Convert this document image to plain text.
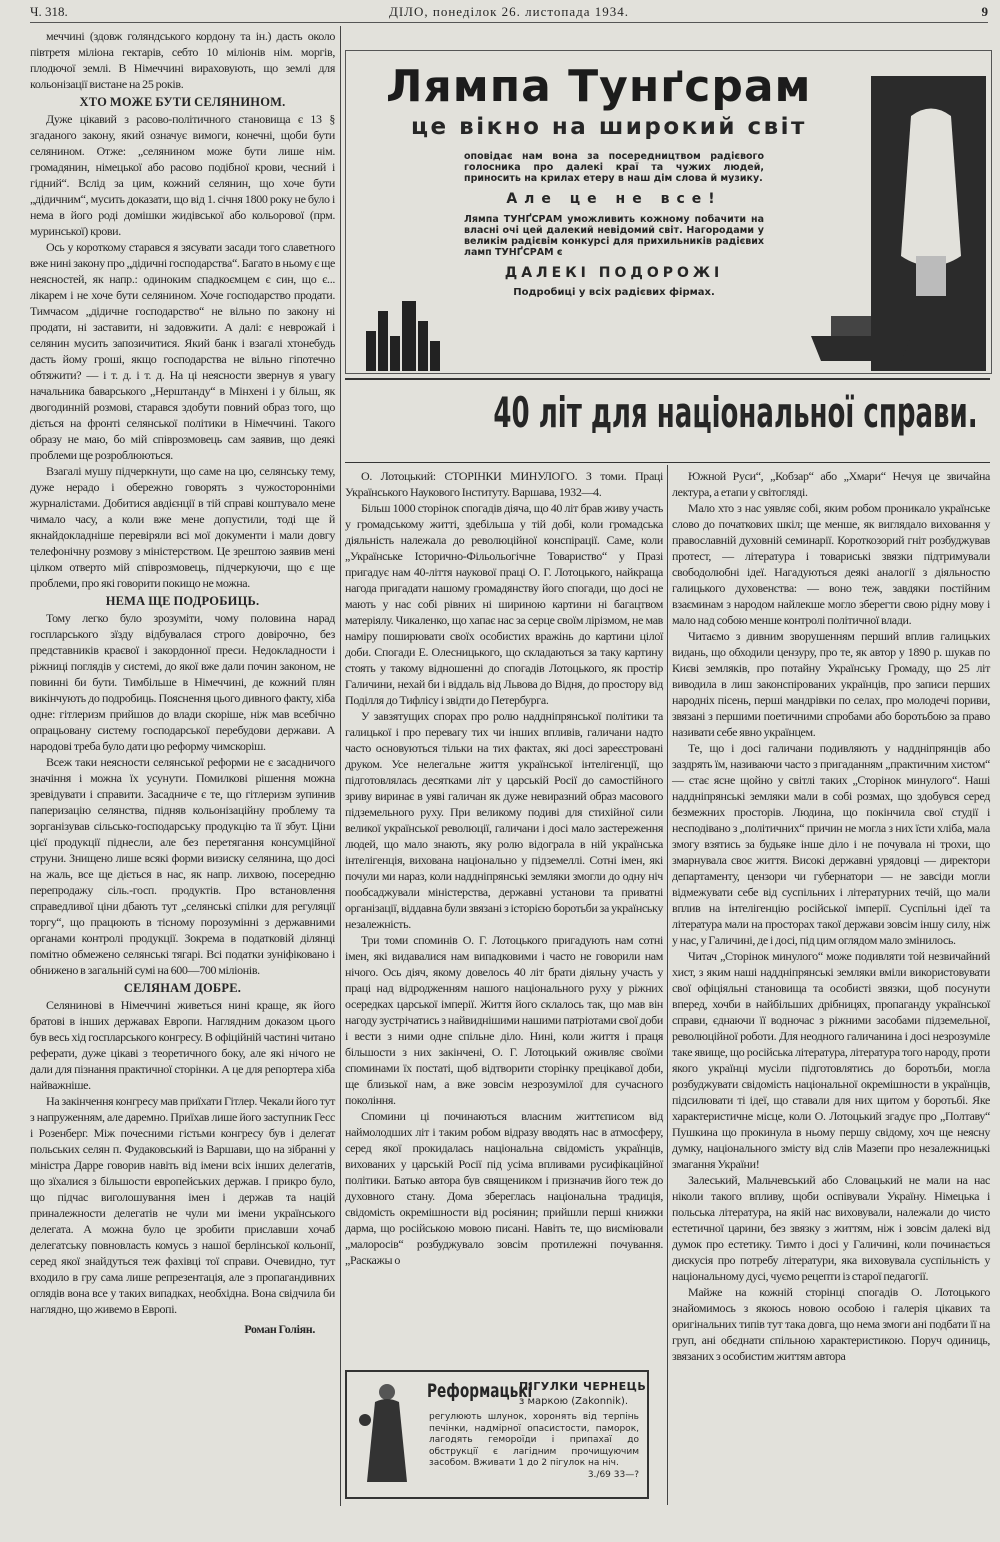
Ч. 318.	ДІЛО, понеділок 26. листопада 1934.	9

меччині (здовж голяндського кордону та ін.) дасть около півтретя міліона гектарів, себто 10 міліонів нім. моргів, плодючої землі. В Німеччині вираховують, що землі для кольонізації вистане на 25 років.

ХТО МОЖЕ БУТИ СЕЛЯНИНОМ.

Дуже цікавий з расово-політичного становища є 13 § згаданого закону, який означує вимоги, конечні, щоби бути селянином. Отже: „селянином може бути лише нім. громадянин, німецької або расово подібної крови, чесний і гідний“. Вслід за цим, кожний селянин, що хоче бути „дідичним“, мусить доказати, що від 1. січня 1800 року не було і нема в його роді домішки жидівської або кольорової (прм. муринської) крови.

Ось у короткому старався я зясувати засади того славетного вже нині закону про „дідичні господарства“. Багато в ньому є ще неясностей, як напр.: одиноким спадкоємцем є син, що є... лікарем і не хоче бути селянином. Хоче господарство продати. Тимчасом „дідичне господарство“ не вільно по закону ні продати, ні заставити, ні задовжити. А далі: є неврожай і селянин мусить запозичитися. Який банк і взагалі хтонебудь дасть йому гроші, якщо господарства не вільно гіпотечно обтяжити? — і т. д. і т. д. На ці неясности звернув я увагу начальника баварського „Нерштанду“ в Мінхені і у більш, як двогодинній розмові, старався здобути повний образ того, що діється на фронті селянської політики в Німеччині. Такого образу не маю, бо мій співрозмовець сам заявив, що деякі проблеми ще розроблюються.

Взагалі мушу підчеркнути, що саме на цю, селянську тему, дуже нерадо і обережно говорять з чужосторонніми журналістами. Добитися авдієнції в тій справі коштувало мене чимало часу, а коли вже мене допустили, тоді ще й якнайдокладніше перевіряли всі мої документи і мали довгу телефонічну розмову з міністерством. Це зрештою заявив мені цілком отверто мій співрозмовець, підчеркуючи, що є ще проблеми, про які говорити покищо не можна.

НЕМА ЩЕ ПОДРОБИЦЬ.

Тому легко було зрозуміти, чому половина нарад госпларського зїзду відбувалася строго довірочно, без представників краєвої і закордонної преси. Недокладности і ріжниці поглядів у системі, до якої вже дали почин законом, не повинні би бути. Тимбільше в Німеччині, де кожний плян викінчують до подробиць. Пояснення цього дивного факту, хіба одне: гітлеризм прийшов до влади скоріше, ніж мав всебічно опрацьовану систему господарської перебудови держави. А народові треба було дати цю реформу чимскоріш.

Всеж таки неясности селянської реформи не є засадничого значіння і можна їх усунути. Помилкові рішення можна зревідувати і справити. Засадниче є те, що гітлеризм зупинив паперизацію селянства, підняв кольонізаційну проблему та зорганізував сільсько-господарську продукцію та її збут. Ціни цієї продукції піднесли, але без перетягання консумційної струни. Знищено лише всякі форми визиску селянина, що досі на жаль, все ще діється в нас, як напр. лихвою, посередню перепродажу сіль.-госп. продуктів. Про встановлення справедливої ціни дбають тут „селянські спілки для регуляції торгу“, що працюють в тісному порозумінні з державними органами контролі продукції. Зокрема в податковій ділянці помітно обмежено селянські тягарі. Всі податки зуніфіковано і обнижено в загальній сумі на 600—700 міліонів.

СЕЛЯНАМ ДОБРЕ.

Селянинові в Німеччині живеться нині краще, як його братові в інших державах Европи. Наглядним доказом цього був весь хід госпларського конгресу. В офіційній частині читано реферати, дуже цікаві з теоретичного боку, але які нічого не дали для пізнання практичної сторінки. А це для репортера хіба найважніше.

На закінчення конгресу мав приїхати Гітлер. Чекали його тут з напруженням, але даремно. Приїхав лише його заступник Гесс і Розенберг. Між почесними гістьми конгресу був і делегат польських селян п. Фудаковський із Варшави, що на зібранні у міністра Дарре говорив навіть від імени всіх інших делегатів, що зїхалися з більшости европейських держав. І прикро було, що підчас виголошування імен і держав та націй приналежности делегатів не чули ми імени українського делегата. А можна було це зробити приславши хочаб делегатську повновласть комусь з нашої берлінської кольонії, серед якої знайдуться теж фахівці тої справи. Очевидно, тут входило в гру сама лише репрезентація, але з пропагандивних оглядів вона все у таких випадках, необхідна. Вона свідчила би наглядно, що живемо в Европі.

Роман Голіян.

Лямпа Тунґсрам
це вікно на широкий світ
оповідає нам вона за посередництвом радієвого голосника про далекі краї та чужих людей, приносить на крилах етеру в наш дім слова й музику.
Але це не все!
Лямпа ТУНҐСРАМ уможливить кожному побачити на власні очі цей далекий невідомий світ. Нагородами у великім радієвім конкурсі для прихильників радієвих ламп ТУНҐСРАМ є
ДАЛЕКІ ПОДОРОЖІ
Подробиці у всіх радієвих фірмах.
40 літ для національної справи.

О. Лотоцький: СТОРІНКИ МИНУЛОГО. З томи. Праці Українського Наукового Інституту. Варшава, 1932—4.

Більш 1000 сторінок спогадів діяча, що 40 літ брав живу участь у громадському житті, здебільша у тій добі, коли громадська діяльність належала до революційної конспірації. Саме, коли „Українське Історично-Фільольогічне Товариство“ у Празі пригадує нам 40-ліття наукової праці О. Г. Лотоцького, найкраща нагода пригадати нашому громадянству його спогади, що досі не мають у нас собі рівних ні шириною картини ні багацтвом матеріялу. Чикаленко, що хапає нас за серце своїм лірізмом, не мав наміру поширювати своїх особистих вражінь до картини цілої доби. Спогади Е. Олесницького, що складаються за таку картину стоять у такому відношенні до спогадів Лотоцького, як простір Галичини, нехай би і віддаль від Львова до Відня, до простору від Поділля до Тифлісу і звідти до Петербурга.

У завзятущих спорах про ролю наддніпрянської політики та галицької і про перевагу тих чи інших впливів, галичани надто часто основуються тільки на тих фактах, які досі зареєстровані друком. Усе нелегальне життя української інтелігенції, що підготовлялась десятками літ у царській Росії до самостійного зриву виринає в уяві галичан як дуже невиразний образ масового підземельного руху. При великому подиві для стихійної сили великої української революції, галичани і досі мало застереження людей, що мало знають, яку ролю відограла в ній українська інтелігенція, вихована національно у підземеллі. Сотні імен, які почули ми нараз, коли наддніпрянські земляки змогли до одну ніч пообсаджували міністерства, державні установи та приватні організації, віддавна були звязані з історією боротьби за українську незалежність.

Три томи споминів О. Г. Лотоцького пригадують нам сотні імен, які видавалися нам випадковими і часто не говорили нам нічого. Ось діяч, якому довелось 40 літ брати діяльну участь у праці над відродженням нашого національного руху у ріжних осередках царської імперії. Життя його склалось так, що мав він нагоду зустрічатись з найвиднішими нашими патріотами свої доби і вести з ними одне спільне діло. Нині, коли життя і праця більшости з них закінчені, О. Г. Лотоцький оживляє своїми споминами їх постаті, щоб відтворити сторінку прецікавої доби, ще близької нам, а вже зовсім незрозумілої для сучасного покоління.

Спомини ці починаються власним життєписом від наймолодших літ і таким робом відразу вводять нас в атмосферу, серед якої прокидалась національна свідомість українців, вихованих у царській Росії під усіма впливами русифікаційної політики. Батько автора був священиком і призначив його теж до духовного стану. Дома збереглась національна традиція, свідомість окремішности від росіянин; прийшли перші книжки дарма, що російською мовою писані. Навіть те, що висміювали „малоросів“ розбуджувало зовсім протилежні почування. „Раскажы о

Южной Руси“, „Кобзар“ або „Хмари“ Нечуя це звичайна лектура, а етапи у світогляді.

Мало хто з нас уявляє собі, яким робом проникало українське слово до початкових шкіл; ще менше, як виглядало виховання у православній духовній семинарії. Короткозорий гніт розбуджував протест, — література і товариські звязки підтримували свободолюбні ідеї. Нагадуються деякі аналогії з діяльностю галицького духовенства: — воно теж, завдяки постійним взаєминам з народом найлекше могло зберегти свою рідну мову і мало над собою менше контролі політичної влади.

Читаємо з дивним зворушенням перший вплив галицьких видань, що обходили цензуру, про те, як автор у 1890 р. шукав по Києві земляків, про потайну Українську Громаду, що 25 літ виводила в лиш законспірованих українців, про записи перших народніх пісень, перші мандрівки по селах, про молодечі пориви, звязані з першими поетичними спробами або боротьбою за право називати себе явно українцем.

Те, що і досі галичани подивляють у наддніпрянців або заздрять їм, називаючи часто з пригаданням „практичним хистом“ — стає ясне щойно у світлі таких „Сторінок минулого“. Наші наддніпрянські земляки мали в собі розмах, що здобувся серед безмежних просторів. Людина, що покінчила свої студії і несподівано з „політичних“ причин не могла з них їсти хліба, мала змогу взятись за будьяке інше діло і не почувала ні трохи, що змарнувала своє життя. Високі державні урядовці — директори департаменту, цензори чи губернатори — не завсіди могли відмежувати себе від суспільних і літературних течій, що мали вплив на інтелігенцію російської імперії. Суспільні ідеї та література мали на просторах такої держави зовсім іншу силу, ніж у нас, у Галичині, де і досі, під цим оглядом мало змінилось.

Читач „Сторінок минулого“ може подивляти той незвичайний хист, з яким наші наддніпрянські земляки вміли використовувати свої офіціяльні становища та особисті звязки, щоб посунути вперед, хочби в найбільших дрібницях, пропаганду української справи, єднаючи її водночас з ріжними засобами підземельної, революційної роботи. Для неодного галичанина і досі незрозуміле таке явище, що російська література, література того народу, проти якого українці мусіли підготовлятись до боротьби, могла розбуджувати свідомість національної окремішности в українців, підсилювати ті ідеї, що ставали для них щитом у боротьбі. Яке характеристичне місце, коли О. Лотоцький згадує про „Полтаву“ Пушкина що прокинула в ньому першу свідому, хоч ще неясну думку, національного змісту від слів Мазепи про незалежницькі змагання України!

Залеський, Мальчевський або Словацький не мали на нас ніколи такого впливу, щоби оспівували Україну. Німецька і польська література, на якій нас виховували, належали до чисто естетичної царини, без звязку з життям, ніж і зовсім далекі від думок про естетику. Тимто і досі у Галичині, коли починається дискусія про потребу літератури, яка виховувала суспільність у національному дусі, чуємо рецепти із старої педагогії.

Майже на кожній сторінці спогадів О. Лотоцького знайомимось з якоюсь новою особою і галерія цікавих та оригінальних типів тут така довга, що нема змоги ані подбати її на груп, ані обєднати спільною характеристикою. Поруч одиниць, звязаних з особистим життям автора

Реформацькі
ПІГУЛКИ ЧЕРНЕЦЬ
з маркою (Zakonnik).
регулюють шлунок, хоронять від терпінь печінки, надмірної опасистости, паморок, лагодять гемороїди і припахаї до обструкції є лагідним прочищуючим засобом. Вживати 1 до 2 пігулок на ніч.
3./69 33—?
